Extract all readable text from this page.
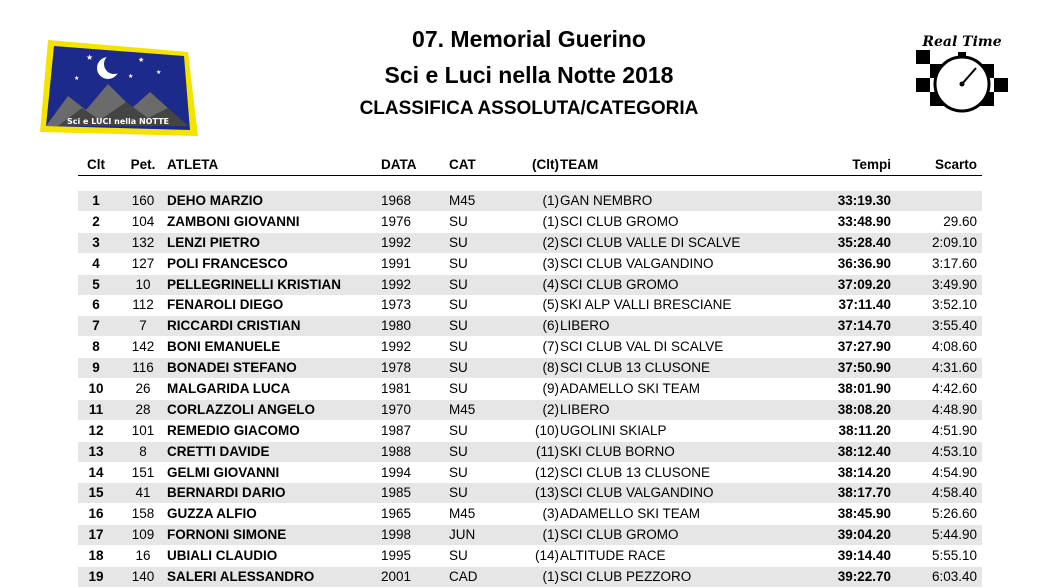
★	★
★
★	★
Sci e LUCI nella NOTTE
07. Memorial Guerino
Sci e Luci nella Notte 2018
CLASSIFICA ASSOLUTA/CATEGORIA
Real Time
Clt	Pet. ATLETA	DATA CAT	(Clt) TEAM	Tempi	Scarto
1	160 DEHO MARZIO	1968	M45	(1) GAN NEMBRO	33:19.30
2	104 ZAMBONI GIOVANNI	1976	SU	(1) SCI CLUB GROMO	33:48.90	29.60
3	132 LENZI PIETRO	1992	SU	(2) SCI CLUB VALLE DI SCALVE	35:28.40	2:09.10
4	127 POLI FRANCESCO	1991	SU	(3) SCI CLUB VALGANDINO	36:36.90	3:17.60
5	10	PELLEGRINELLI KRISTIAN	1992	SU	(4) SCI CLUB GROMO	37:09.20	3:49.90
6	112 FENAROLI DIEGO	1973	SU	(5) SKI ALP VALLI BRESCIANE	37:11.40	3:52.10
7	7	RICCARDI CRISTIAN	1980	SU	(6) LIBERO	37:14.70	3:55.40
8	142 BONI EMANUELE	1992	SU	(7) SCI CLUB VAL DI SCALVE	37:27.90	4:08.60
9	116 BONADEI STEFANO	1978	SU	(8) SCI CLUB 13 CLUSONE	37:50.90	4:31.60
10	26	MALGARIDA LUCA	1981	SU	(9) ADAMELLO SKI TEAM	38:01.90	4:42.60
11	28	CORLAZZOLI ANGELO	1970	M45	(2) LIBERO	38:08.20	4:48.90
12	101 REMEDIO GIACOMO	1987	SU	(10) UGOLINI SKIALP	38:11.20	4:51.90
13	8	CRETTI DAVIDE	1988	SU	(11) SKI CLUB BORNO	38:12.40	4:53.10
14	151 GELMI GIOVANNI	1994	SU	(12) SCI CLUB 13 CLUSONE	38:14.20	4:54.90
15	41	BERNARDI DARIO	1985	SU	(13) SCI CLUB VALGANDINO	38:17.70	4:58.40
16	158 GUZZA ALFIO	1965	M45	(3) ADAMELLO SKI TEAM	38:45.90	5:26.60
17	109 FORNONI SIMONE	1998	JUN	(1) SCI CLUB GROMO	39:04.20	5:44.90
18	16	UBIALI CLAUDIO	1995	SU	(14) ALTITUDE RACE	39:14.40	5:55.10
19	140 SALERI ALESSANDRO	2001	CAD	(1) SCI CLUB PEZZORO	39:22.70	6:03.40
